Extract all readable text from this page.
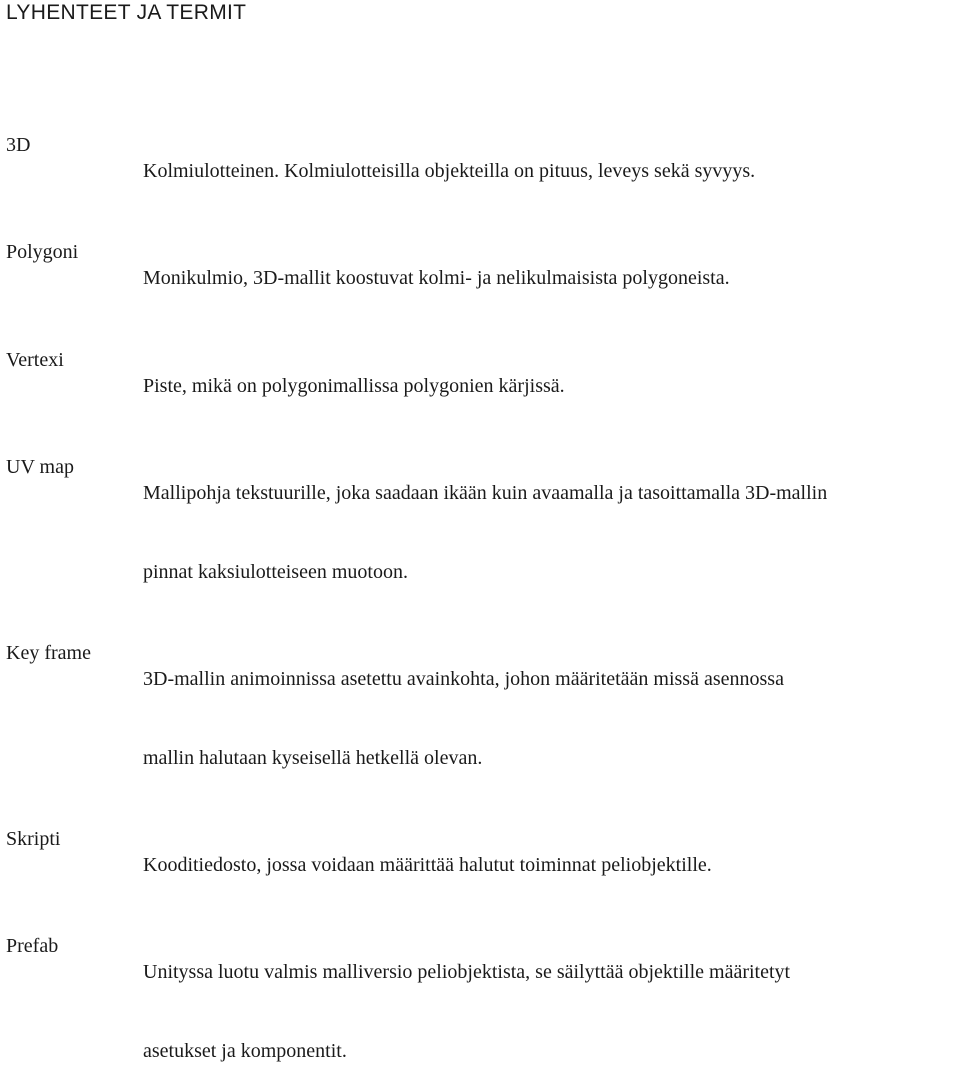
LYHENTEET JA TERMIT
3D

Kolmiulotteinen. Kolmiulotteisilla objekteilla on pituus, leveys sekä syvyys.

Polygoni

Monikulmio, 3D-mallit koostuvat kolmi- ja nelikulmaisista polygoneista.

Vertexi

Piste, mikä on polygonimallissa polygonien kärjissä.

UV map

Mallipohja tekstuurille, joka saadaan ikään kuin avaamalla ja tasoittamalla 3D-mallin

pinnat kaksiulotteiseen muotoon.

Key frame

3D-mallin animoinnissa asetettu avainkohta, johon määritetään missä asennossa

mallin halutaan kyseisellä hetkellä olevan.

Skripti

Kooditiedosto, jossa voidaan määrittää halutut toiminnat peliobjektille.

Prefab

Unityssa luotu valmis malliversio peliobjektista, se säilyttää objektille määritetyt

asetukset ja komponentit.
